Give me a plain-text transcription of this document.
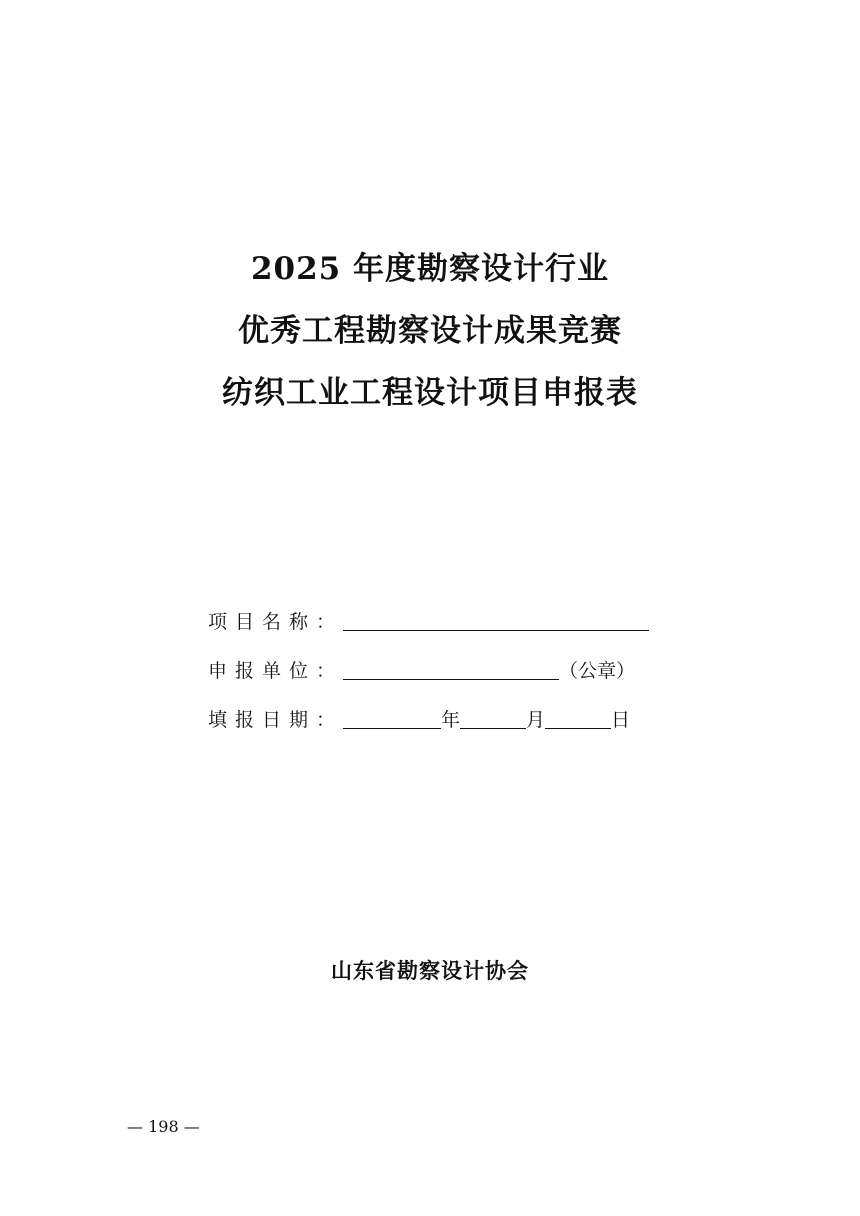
2025 年度勘察设计行业
优秀工程勘察设计成果竞赛
纺织工业工程设计项目申报表
项目名称：
申报单位：	（公章）
填报日期：	年	月	日
山东省勘察设计协会
— 198 —
